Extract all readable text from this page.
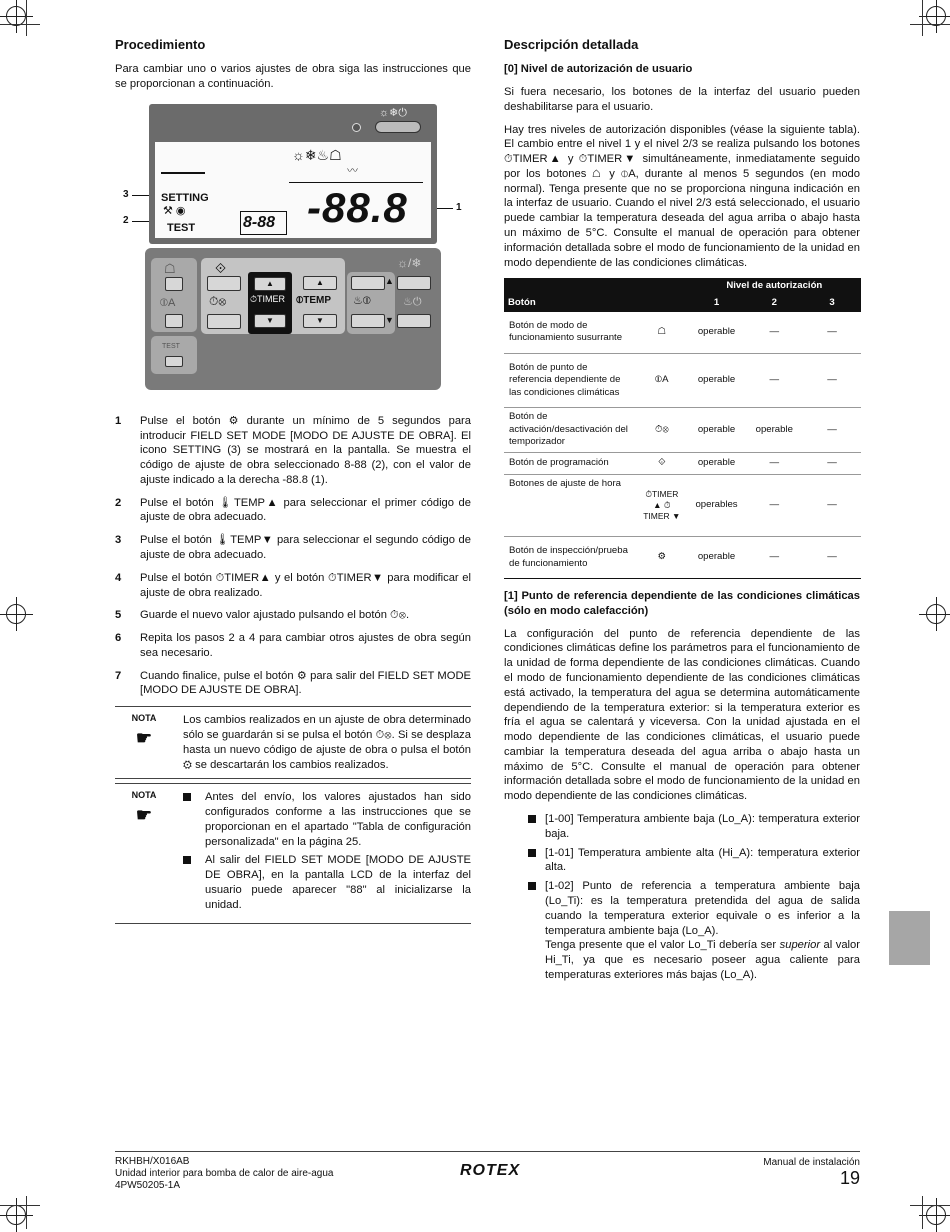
Procedimiento

Para cambiar uno o varios ajustes de obra siga las instrucciones que se proporcionan a continuación.

3
2
1
☼❄⏻
☼❄♨☖
〰
SETTING
⚒ ◉
TEST	8-88 -88.8
☖
⦶A
TEST
⟐
⏱⊗
▲
⏱TIMER
▼
▲
⦶TEMP
▼
▲
♨⦶
▼
☼/❄
♨⏻
1	Pulse el botón ⚙ durante un mínimo de 5 segundos para introducir FIELD SET MODE [MODO DE AJUSTE DE OBRA]. El icono SETTING (3) se mostrará en la pantalla. Se muestra el código de ajuste de obra seleccionado 8-88 (2), con el valor de ajuste indicado a la derecha -88.8 (1).
2	Pulse el botón 🌡TEMP▲ para seleccionar el primer código de ajuste de obra adecuado.
3	Pulse el botón 🌡TEMP▼ para seleccionar el segundo código de ajuste de obra adecuado.
4	Pulse el botón ⏱TIMER▲ y el botón ⏱TIMER▼ para modificar el ajuste de obra realizado.
5	Guarde el nuevo valor ajustado pulsando el botón ⏱⊗.
6	Repita los pasos 2 a 4 para cambiar otros ajustes de obra según sea necesario.
7	Cuando finalice, pulse el botón ⚙ para salir del FIELD SET MODE [MODO DE AJUSTE DE OBRA].
NOTA
☛
Los cambios realizados en un ajuste de obra determinado sólo se guardarán si se pulsa el botón ⏱⊗. Si se desplaza hasta un nuevo código de ajuste de obra o pulsa el botón ⚙ se descartarán los cambios realizados.
NOTA
☛
Antes del envío, los valores ajustados han sido configurados conforme a las instrucciones que se proporcionan en el apartado "Tabla de configuración personalizada" en la página 25.
Al salir del FIELD SET MODE [MODO DE AJUSTE DE OBRA], en la pantalla LCD de la interfaz del usuario puede aparecer "88" al inicializarse la unidad.
Descripción detallada
[0] Nivel de autorización de usuario

Si fuera necesario, los botones de la interfaz del usuario pueden deshabilitarse para el usuario.

Hay tres niveles de autorización disponibles (véase la siguiente tabla). El cambio entre el nivel 1 y el nivel 2/3 se realiza pulsando los botones ⏱TIMER▲ y ⏱TIMER▼ simultáneamente, inmediatamente seguido por los botones ☖ y ⦶A, durante al menos 5 segundos (en modo normal). Tenga presente que no se proporciona ninguna indicación en la interfaz de usuario. Cuando el nivel 2/3 está seleccionado, el usuario puede cambiar la temperatura deseada del agua arriba o abajo hasta un máximo de 5°C. Consulte el manual de operación para obtener información detallada sobre el modo de funcionamiento de la unidad en modo dependiente de las condiciones climáticas.

		Nivel de autorización		
Botón		1	2	3
Botón de modo de funcionamiento susurrante	☖	operable	—	—
Botón de punto de referencia dependiente de las condiciones climáticas	⦶A	operable	—	—
Botón de activación/desactivación del temporizador	⏱⊗	operable	operable	—
Botón de programación	⟐	operable	—	—
Botones de ajuste de hora	⏱TIMER ▲ ⏱TIMER ▼	operables	—	—
Botón de inspección/prueba de funcionamiento	⚙	operable	—	—
[1] Punto de referencia dependiente de las condiciones climáticas (sólo en modo calefacción)

La configuración del punto de referencia dependiente de las condiciones climáticas define los parámetros para el funcionamiento de la unidad de forma dependiente de las condiciones climáticas. Cuando el modo de funcionamiento dependiente de las condiciones climáticas está activado, la temperatura del agua se determina automáticamente dependiendo de la temperatura exterior: si la temperatura exterior es fría el agua se calentará y viceversa. Con la unidad ajustada en el modo dependiente de las condiciones climáticas, el usuario puede cambiar la temperatura deseada del agua arriba o abajo hasta un máximo de 5°C. Consulte el manual de operación para obtener información detallada sobre el modo de funcionamiento de la unidad en modo dependiente de las condiciones climáticas.

[1-00] Temperatura ambiente baja (Lo_A): temperatura exterior baja.
[1-01] Temperatura ambiente alta (Hi_A): temperatura exterior alta.
[1-02] Punto de referencia a temperatura ambiente baja (Lo_Ti): es la temperatura pretendida del agua de salida cuando la temperatura exterior equivale o es inferior a la temperatura ambiente baja (Lo_A).
Tenga presente que el valor Lo_Ti debería ser superior al valor Hi_Ti, ya que es necesario poseer agua caliente para temperaturas exteriores más bajas (Lo_A).
RKHBH/X016AB
Unidad interior para bomba de calor de aire-agua
4PW50205-1A
ROTEX	Manual de instalación
19
